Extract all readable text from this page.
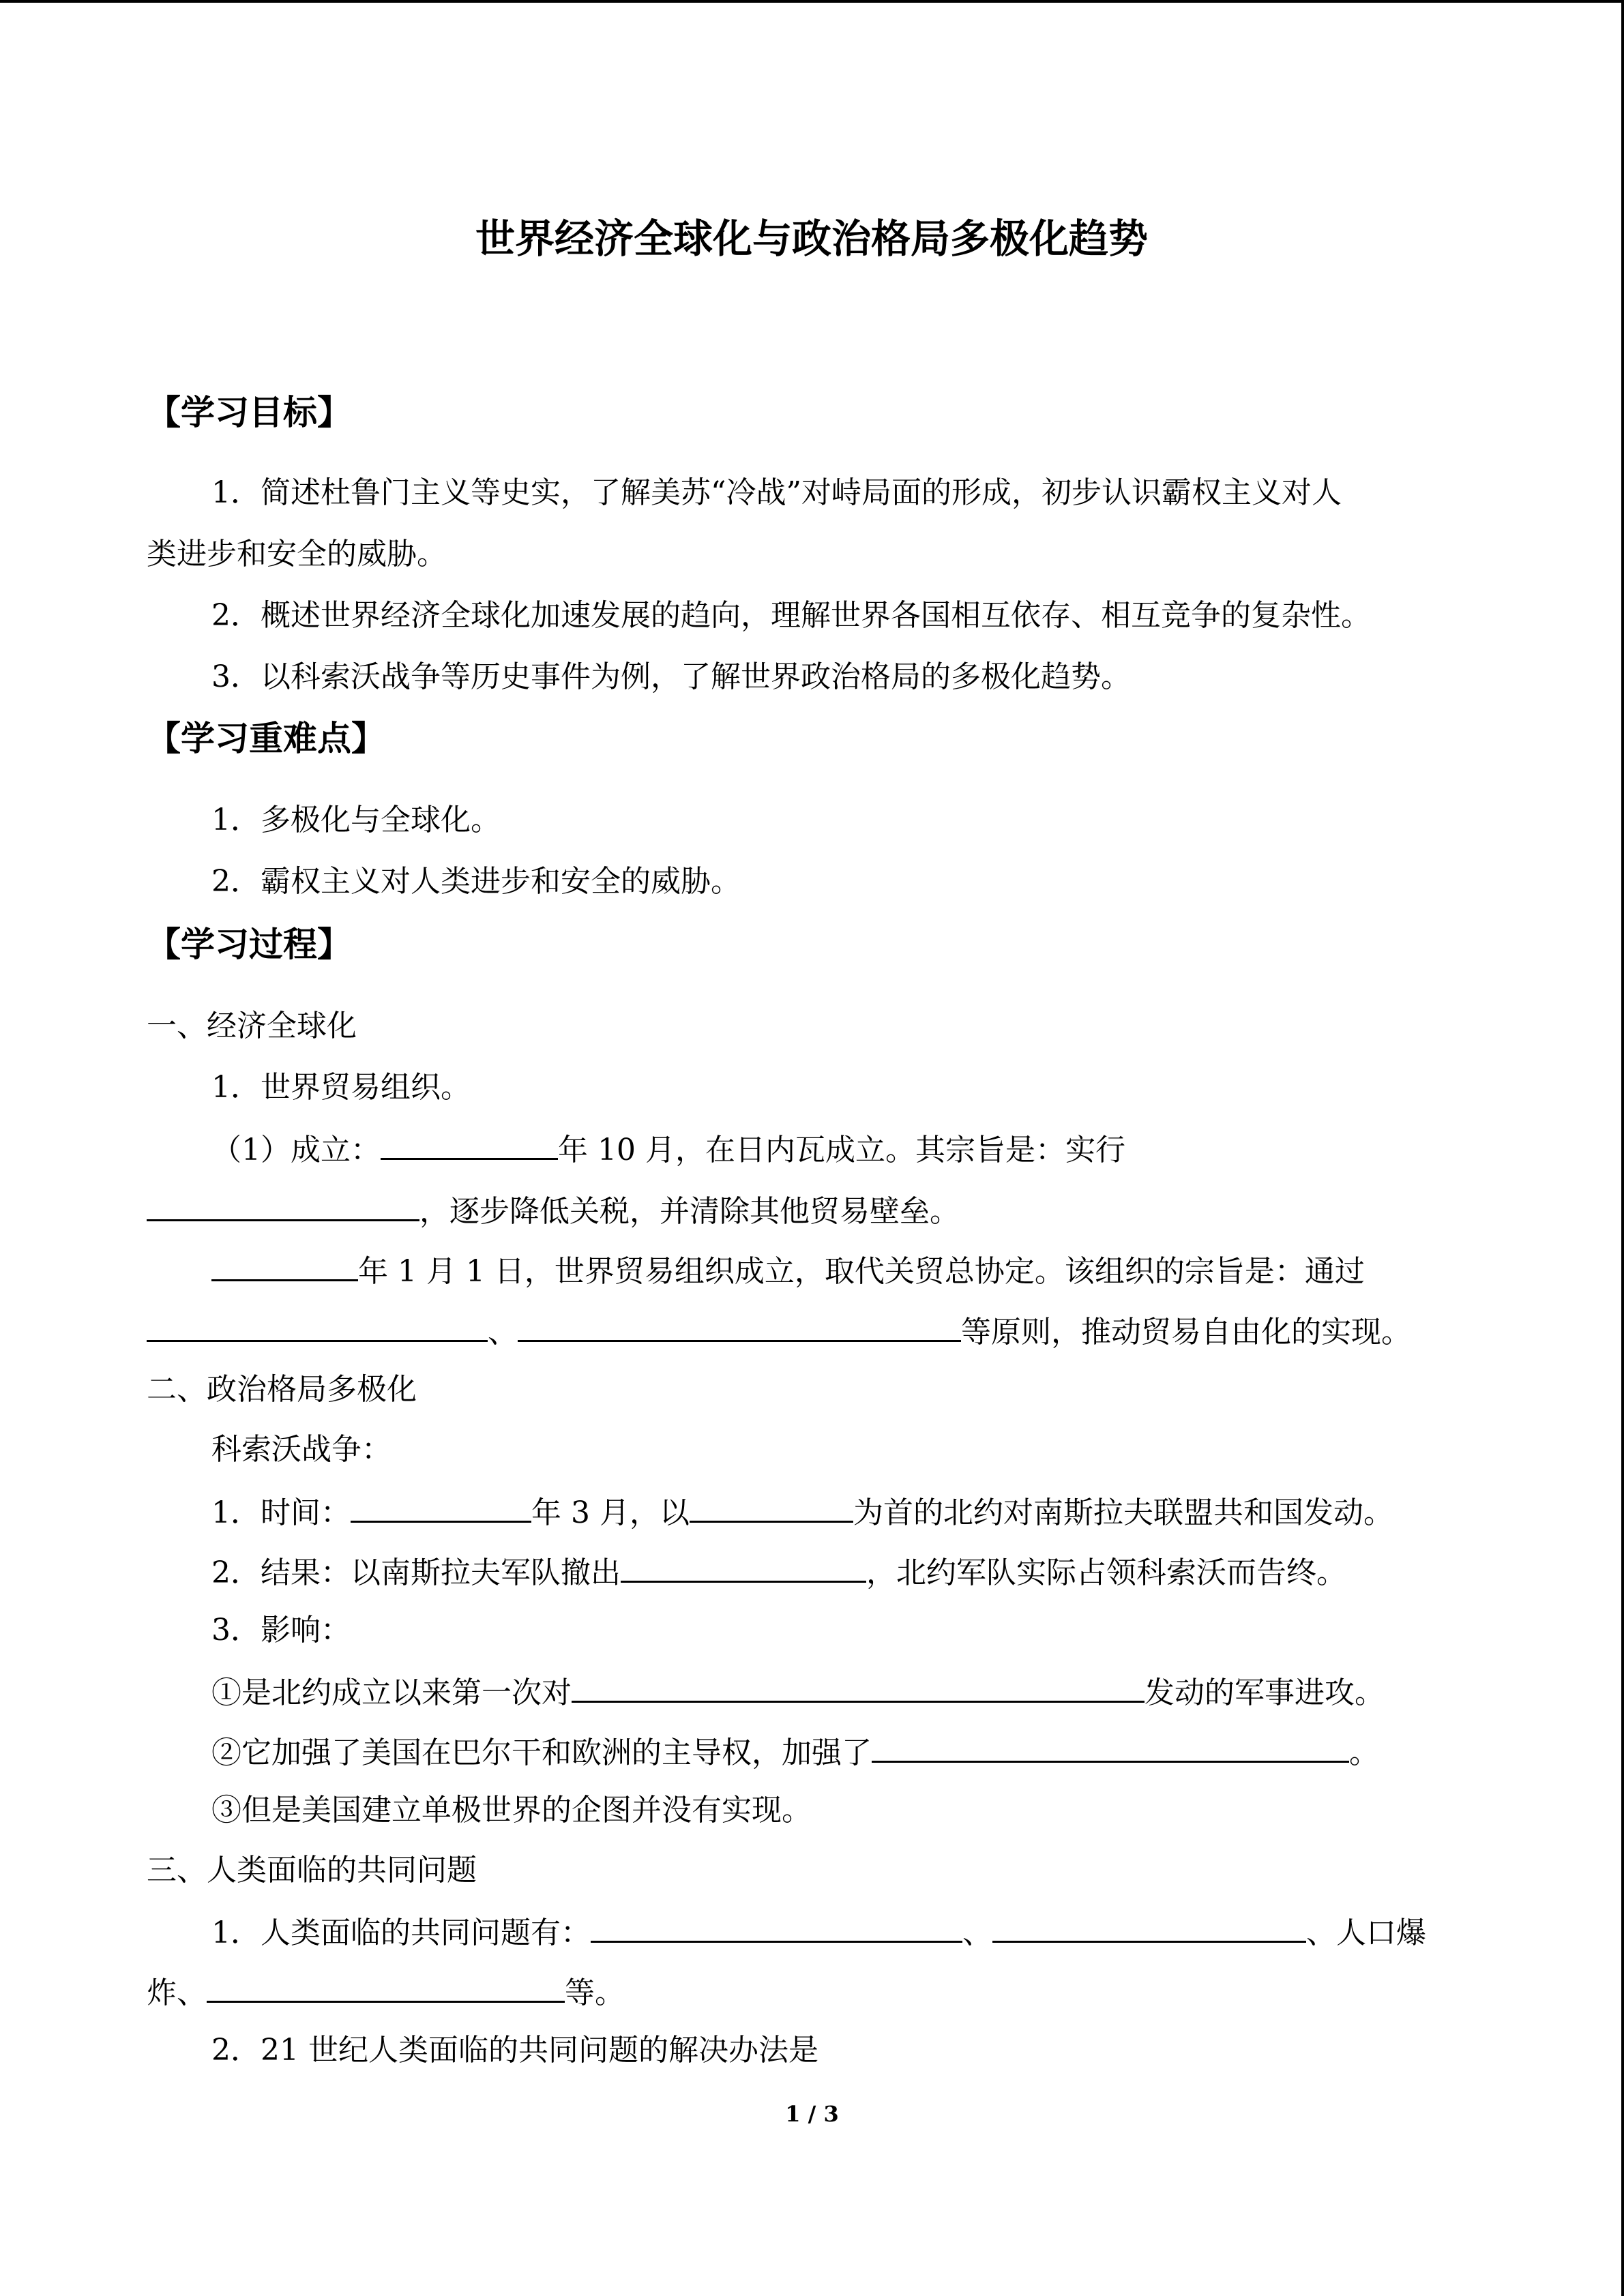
世界经济全球化与政治格局多极化趋势
【学习目标】
1．简述杜鲁门主义等史实，了解美苏“冷战”对峙局面的形成，初步认识霸权主义对人
类进步和安全的威胁。
2．概述世界经济全球化加速发展的趋向，理解世界各国相互依存、相互竞争的复杂性。
3．以科索沃战争等历史事件为例，了解世界政治格局的多极化趋势。
【学习重难点】
1．多极化与全球化。
2．霸权主义对人类进步和安全的威胁。
【学习过程】
一、经济全球化
1．世界贸易组织。
（1）成立：	年 10 月，在日内瓦成立。其宗旨是：实行
，逐步降低关税，并清除其他贸易壁垒。
年 1 月 1 日，世界贸易组织成立，取代关贸总协定。该组织的宗旨是：通过
、	等原则，推动贸易自由化的实现。
二、政治格局多极化
科索沃战争：
1．时间：	年 3 月，以	为首的北约对南斯拉夫联盟共和国发动。
2．结果：以南斯拉夫军队撤出	，北约军队实际占领科索沃而告终。
3．影响：
①是北约成立以来第一次对	发动的军事进攻。
②它加强了美国在巴尔干和欧洲的主导权，加强了	。
③但是美国建立单极世界的企图并没有实现。
三、人类面临的共同问题
1．人类面临的共同问题有：	、	、人口爆
炸、	等。
2．21 世纪人类面临的共同问题的解决办法是
1 / 3
